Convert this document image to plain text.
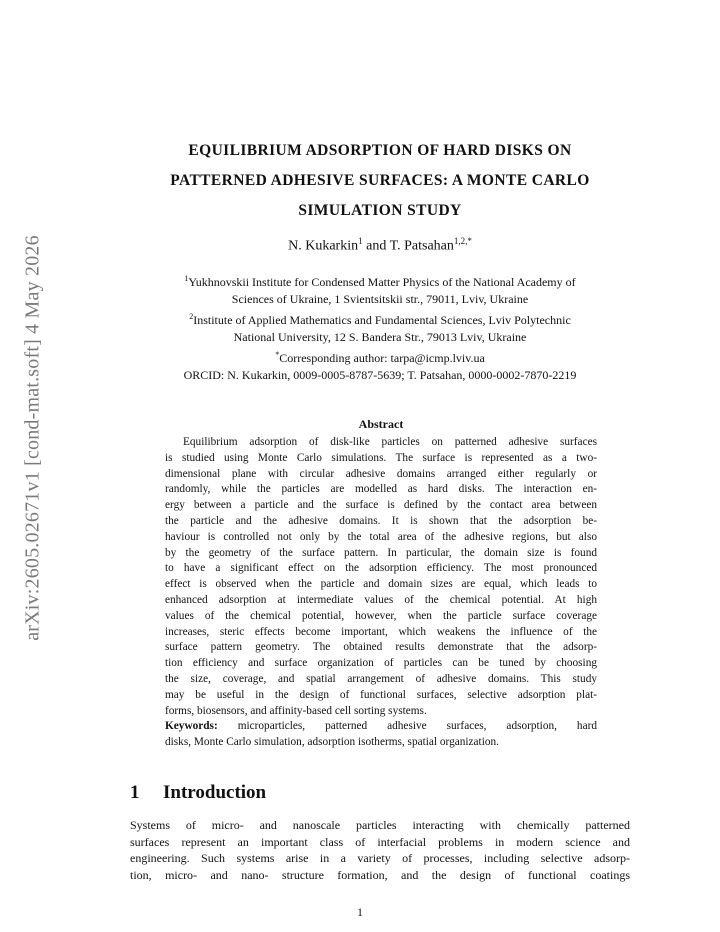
arXiv:2605.02671v1 [cond-mat.soft] 4 May 2026
EQUILIBRIUM ADSORPTION OF HARD DISKS ON
PATTERNED ADHESIVE SURFACES: A MONTE CARLO
SIMULATION STUDY
N. Kukarkin$^1$ and T. Patsahan$^{1,2,*}$
$^1$Yukhnovskii Institute for Condensed Matter Physics of the National Academy of
Sciences of Ukraine, 1 Svientsitskii str., 79011, Lviv, Ukraine
$^2$Institute of Applied Mathematics and Fundamental Sciences, Lviv Polytechnic
National University, 12 S. Bandera Str., 79013 Lviv, Ukraine
*Corresponding author: tarpa@icmp.lviv.ua
ORCID: N. Kukarkin, 0009-0005-8787-5639; T. Patsahan, 0000-0002-7870-2219
Abstract
Equilibrium adsorption of disk-like particles on patterned adhesive surfaces
is studied using Monte Carlo simulations. The surface is represented as a two-
dimensional plane with circular adhesive domains arranged either regularly or
randomly, while the particles are modelled as hard disks. The interaction en-
ergy between a particle and the surface is defined by the contact area between
the particle and the adhesive domains. It is shown that the adsorption be-
haviour is controlled not only by the total area of the adhesive regions, but also
by the geometry of the surface pattern. In particular, the domain size is found
to have a significant effect on the adsorption efficiency. The most pronounced
effect is observed when the particle and domain sizes are equal, which leads to
enhanced adsorption at intermediate values of the chemical potential. At high
values of the chemical potential, however, when the particle surface coverage
increases, steric effects become important, which weakens the influence of the
surface pattern geometry. The obtained results demonstrate that the adsorp-
tion efficiency and surface organization of particles can be tuned by choosing
the size, coverage, and spatial arrangement of adhesive domains. This study
may be useful in the design of functional surfaces, selective adsorption plat-
forms, biosensors, and affinity-based cell sorting systems.
Keywords: microparticles, patterned adhesive surfaces, adsorption, hard
disks, Monte Carlo simulation, adsorption isotherms, spatial organization.
1 Introduction
Systems of micro- and nanoscale particles interacting with chemically patterned
surfaces represent an important class of interfacial problems in modern science and
engineering. Such systems arise in a variety of processes, including selective adsorp-
tion, micro- and nano- structure formation, and the design of functional coatings
1
